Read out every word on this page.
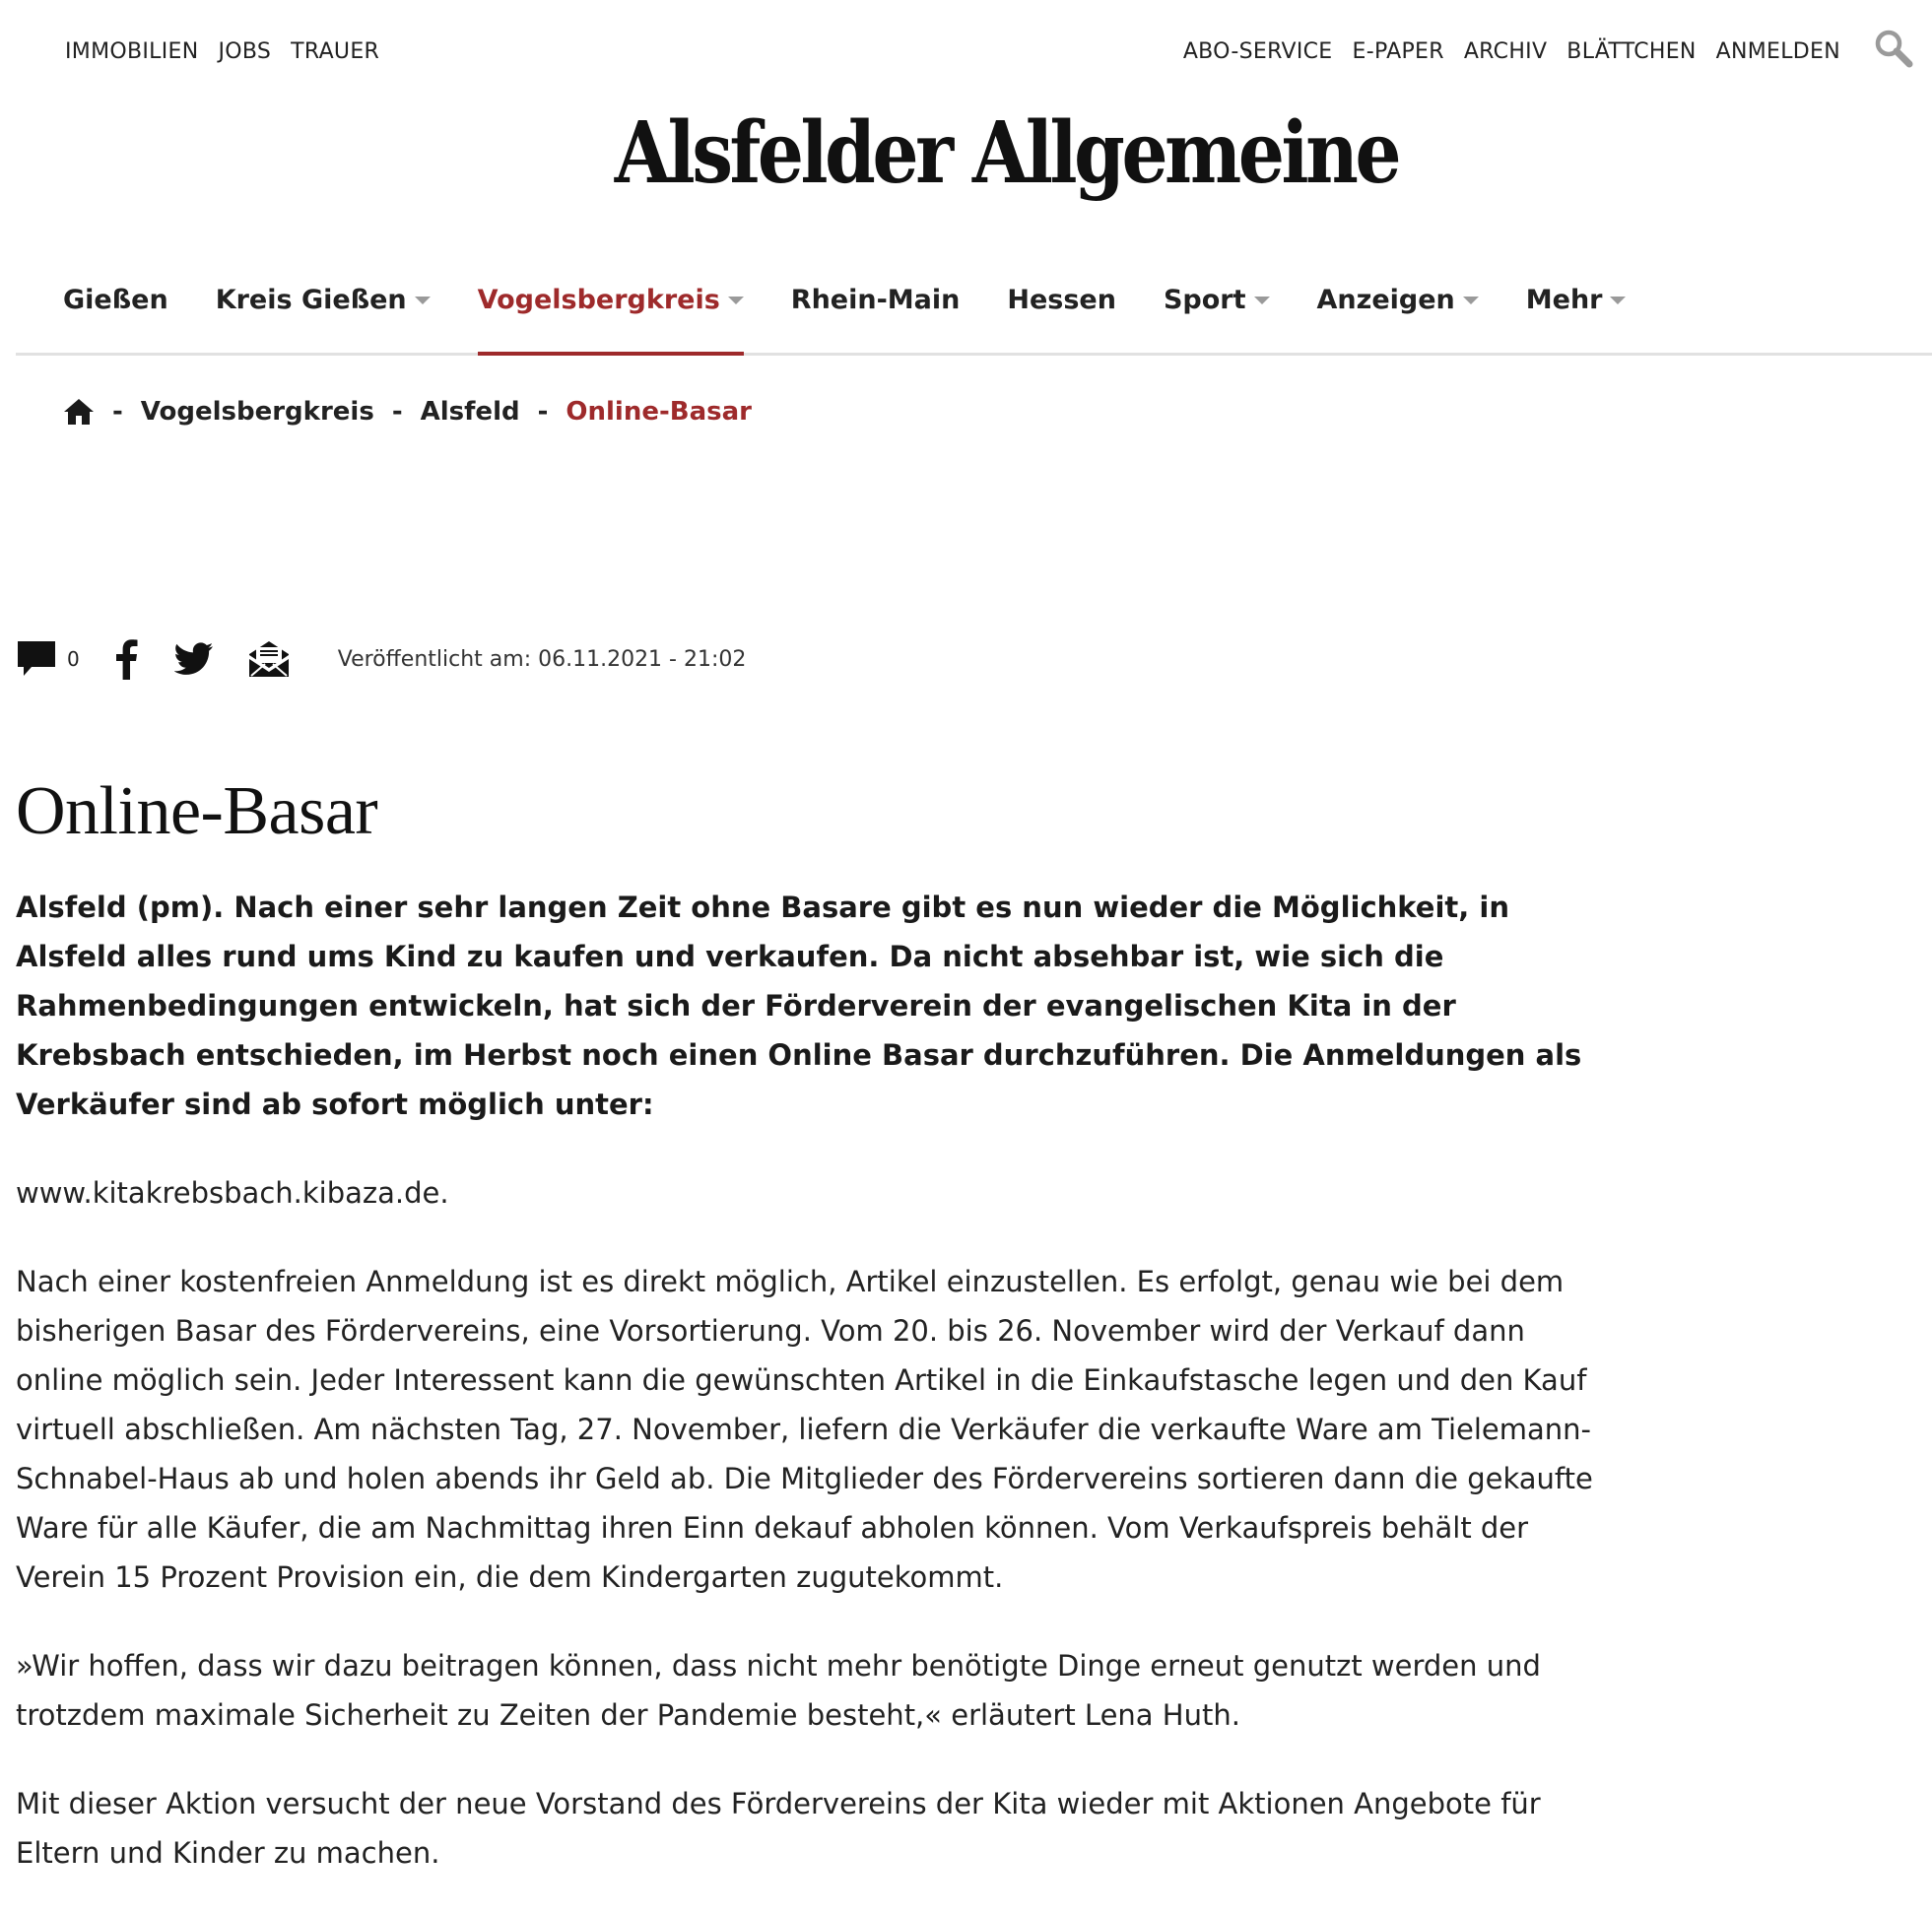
IMMOBILIEN JOBS TRAUER	ABO-SERVICE E-PAPER ARCHIV BLÄTTCHEN ANMELDEN
Alsfelder Allgemeine
Gießen Kreis Gießen	Vogelsbergkreis	Rhein-Main Hessen Sport	Anzeigen	Mehr
- Vogelsbergkreis - Alsfeld - Online-Basar
0	Veröffentlicht am: 06.11.2021 - 21:02
Online-Basar

Alsfeld (pm). Nach einer sehr langen Zeit ohne Basare gibt es nun wieder die Möglichkeit, in Alsfeld alles rund ums Kind zu kaufen und verkaufen. Da nicht absehbar ist, wie sich die Rahmenbedingungen entwickeln, hat sich der Förderverein der evangelischen Kita in der Krebsbach entschieden, im Herbst noch einen Online Basar durchzuführen. Die Anmeldungen als Verkäufer sind ab sofort möglich unter:

www.kitakrebsbach.kibaza.de.

Nach einer kostenfreien Anmeldung ist es direkt möglich, Artikel einzustellen. Es erfolgt, genau wie bei dem bisherigen Basar des Fördervereins, eine Vorsortierung. Vom 20. bis 26. November wird der Verkauf dann online möglich sein. Jeder Interessent kann die gewünschten Artikel in die Einkaufstasche legen und den Kauf virtuell abschließen. Am nächsten Tag, 27. November, liefern die Verkäufer die verkaufte Ware am Tielemann-Schnabel-Haus ab und holen abends ihr Geld ab. Die Mitglieder des Fördervereins sortieren dann die gekaufte Ware für alle Käufer, die am Nachmittag ihren Einn dekauf abholen können. Vom Verkaufspreis behält der Verein 15 Prozent Provision ein, die dem Kindergarten zugutekommt.

»Wir hoffen, dass wir dazu beitragen können, dass nicht mehr benötigte Dinge erneut genutzt werden und trotzdem maximale Sicherheit zu Zeiten der Pandemie besteht,« erläutert Lena Huth.

Mit dieser Aktion versucht der neue Vorstand des Fördervereins der Kita wieder mit Aktionen Angebote für Eltern und Kinder zu machen.
